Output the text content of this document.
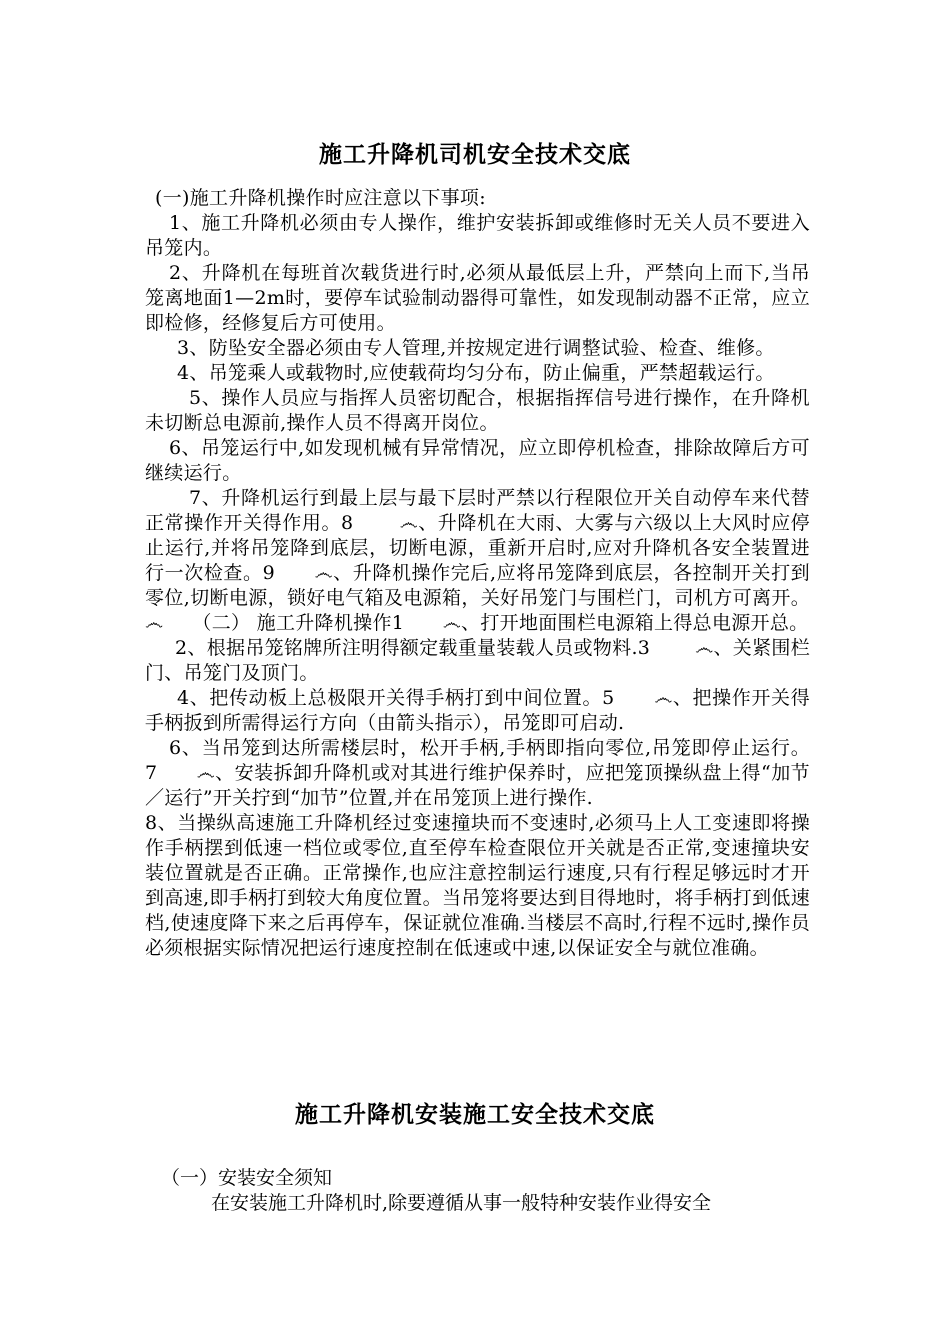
施工升降机司机安全技术交底

(一)施工升降机操作时应注意以下事项:

1、施工升降机必须由专人操作，维护安装拆卸或维修时无关人员不要进入吊笼内。

2、升降机在每班首次载货进行时,必须从最低层上升，严禁向上而下,当吊笼离地面1—2m时，要停车试验制动器得可靠性，如发现制动器不正常，应立即检修，经修复后方可使用。

3、防坠安全器必须由专人管理,并按规定进行调整试验、检查、维修。

4、吊笼乘人或载物时,应使载荷均匀分布，防止偏重，严禁超载运行。

5、操作人员应与指挥人员密切配合，根据指挥信号进行操作，在升降机未切断总电源前,操作人员不得离开岗位。

6、吊笼运行中,如发现机械有异常情况，应立即停机检查，排除故障后方可继续运行。

7、升降机运行到最上层与最下层时严禁以行程限位开关自动停车来代替正常操作开关得作用。8　　 ෴、升降机在大雨、大雾与六级以上大风时应停止运行,并将吊笼降到底层，切断电源，重新开启时,应对升降机各安全装置进行一次检查。9　　෴、升降机操作完后,应将吊笼降到底层，各控制开关打到零位,切断电源，锁好电气箱及电源箱，关好吊笼门与围栏门，司机方可离开。෴　　（二） 施工升降机操作1　　෴、打开地面围栏电源箱上得总电源开总。

2、根据吊笼铭牌所注明得额定载重量装载人员或物料.3　　 ෴、关紧围栏门、吊笼门及顶门。

4、把传动板上总极限开关得手柄打到中间位置。5　　෴、把操作开关得手柄扳到所需得运行方向（由箭头指示），吊笼即可启动.

6、当吊笼到达所需楼层时，松开手柄,手柄即指向零位,吊笼即停止运行。 7　　෴、安装拆卸升降机或对其进行维护保养时，应把笼顶操纵盘上得“加节／运行”开关拧到“加节”位置,并在吊笼顶上进行操作.

8、当操纵高速施工升降机经过变速撞块而不变速时,必须马上人工变速即将操作手柄摆到低速一档位或零位,直至停车检查限位开关就是否正常,变速撞块安装位置就是否正确。正常操作,也应注意控制运行速度,只有行程足够远时才开到高速,即手柄打到较大角度位置。当吊笼将要达到目得地时，将手柄打到低速档,使速度降下来之后再停车，保证就位准确.当楼层不高时,行程不远时,操作员必须根据实际情况把运行速度控制在低速或中速,以保证安全与就位准确。

施工升降机安装施工安全技术交底

（一）安装安全须知

在安装施工升降机时,除要遵循从事一般特种安装作业得安全
